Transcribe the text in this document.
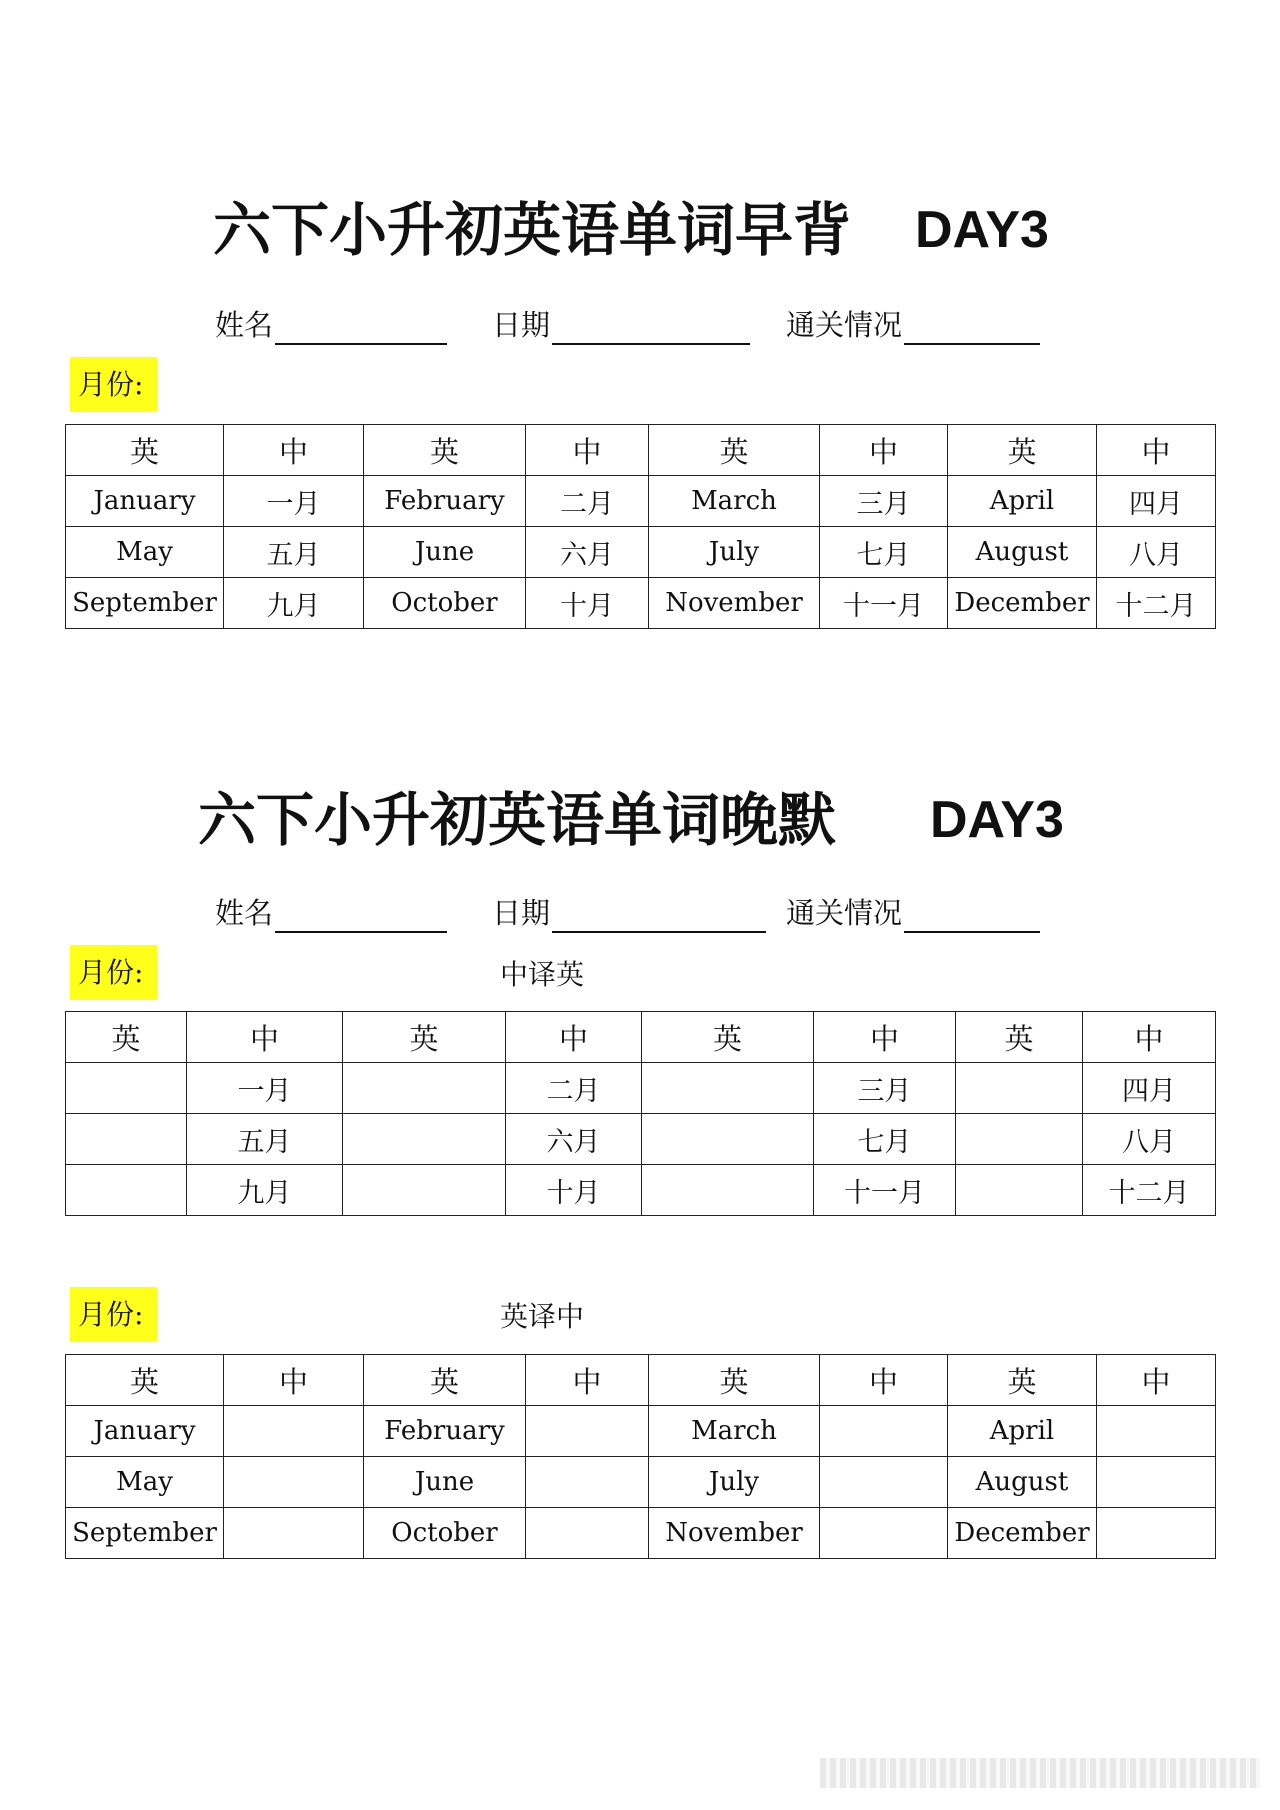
六下小升初英语单词早背 DAY3
姓名	日期	通关情况
月份:
英	中	英	中	英	中	英	中
January	一月	February	二月	March	三月	April	四月
May	五月	June	六月	July	七月	August	八月
September	九月	October	十月	November	十一月	December	十二月
六下小升初英语单词晚默 DAY3
姓名	日期	通关情况
月份:	中译英
英	中	英	中	英	中	英	中
	一月		二月		三月		四月
	五月		六月		七月		八月
	九月		十月		十一月		十二月
月份:	英译中
英	中	英	中	英	中	英	中
January		February		March		April	
May		June		July		August	
September		October		November		December	
